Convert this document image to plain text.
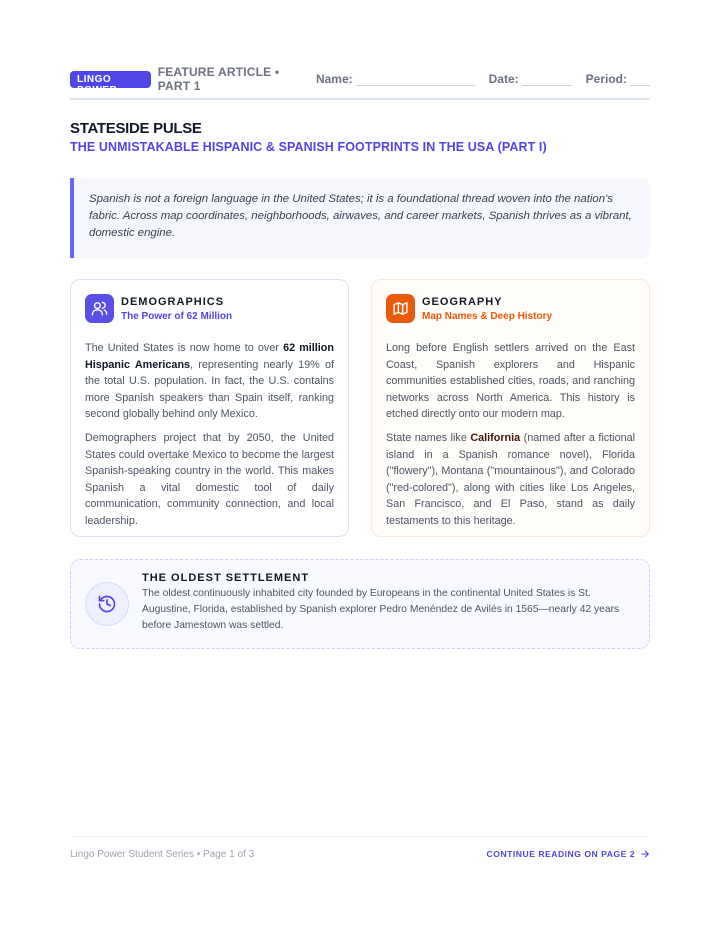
LINGO POWER
FEATURE ARTICLE • PART 1	Name:	Date:	Period:
STATESIDE PULSE
THE UNMISTAKABLE HISPANIC & SPANISH FOOTPRINTS IN THE USA (PART I)
Spanish is not a foreign language in the United States; it is a foundational thread woven into the nation's fabric. Across map coordinates, neighborhoods, airwaves, and career markets, Spanish thrives as a vibrant, domestic engine.
DEMOGRAPHICS
The Power of 62 Million

The United States is now home to over 62 million Hispanic Americans, representing nearly 19% of the total U.S. population. In fact, the U.S. contains more Spanish speakers than Spain itself, ranking second globally behind only Mexico.

Demographers project that by 2050, the United States could overtake Mexico to become the largest Spanish-speaking country in the world. This makes Spanish a vital domestic tool of daily communication, community connection, and local leadership.

GEOGRAPHY
Map Names & Deep History

Long before English settlers arrived on the East Coast, Spanish explorers and Hispanic communities established cities, roads, and ranching networks across North America. This history is etched directly onto our modern map.

State names like California (named after a fictional island in a Spanish romance novel), Florida ("flowery"), Montana ("mountainous"), and Colorado ("red-colored"), along with cities like Los Angeles, San Francisco, and El Paso, stand as daily testaments to this heritage.

THE OLDEST SETTLEMENT
The oldest continuously inhabited city founded by Europeans in the continental United States is St. Augustine, Florida, established by Spanish explorer Pedro Menéndez de Avilés in 1565—nearly 42 years before Jamestown was settled.
Lingo Power Student Series • Page 1 of 3	CONTINUE READING ON PAGE 2
